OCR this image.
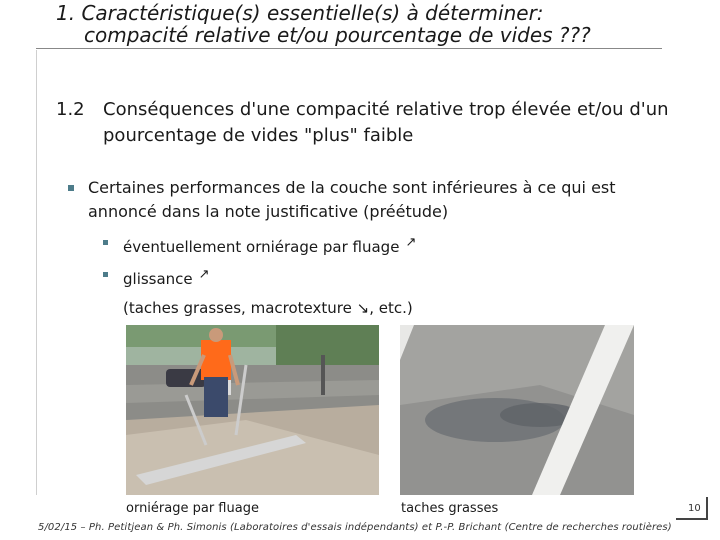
1. Caractéristique(s) essentielle(s) à déterminer:
compacité relative et/ou pourcentage de vides ???
1.2 Conséquences d'une compacité relative trop élevée et/ou d'un pourcentage de vides "plus" faible
Certaines performances de la couche sont inférieures à ce qui est annoncé dans la note justificative (préétude)
éventuellement orniérage par fluage ↗
glissance ↗
(taches grasses, macrotexture ↘, etc.)
orniérage par fluage	taches grasses	10
5/02/15 – Ph. Petitjean & Ph. Simonis (Laboratoires d'essais indépendants) et P.-P. Brichant (Centre de recherches routières)
